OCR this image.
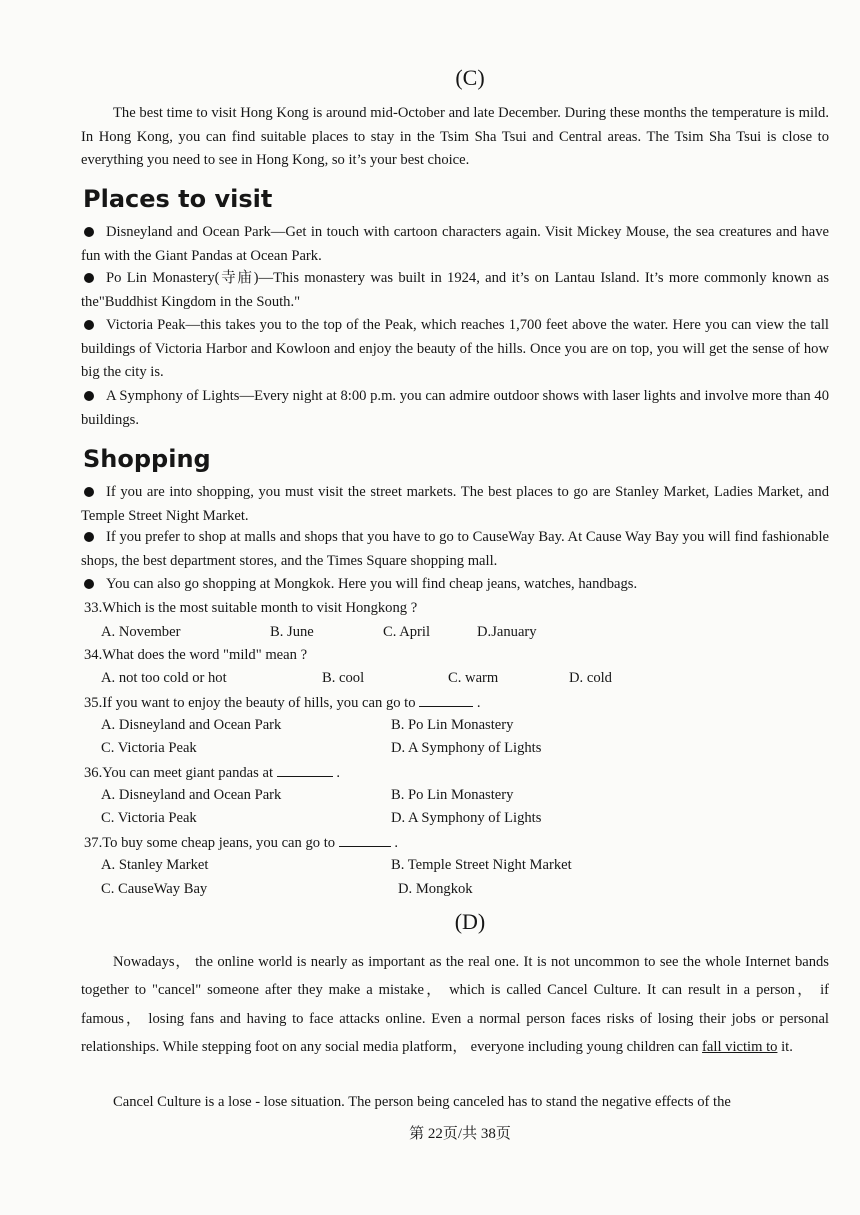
(C)
The best time to visit Hong Kong is around mid-October and late December. During these months the temperature is mild. In Hong Kong, you can find suitable places to stay in the Tsim Sha Tsui and Central areas. The Tsim Sha Tsui is close to everything you need to see in Hong Kong, so it’s your best choice.
Places to visit
Disneyland and Ocean Park—Get in touch with cartoon characters again. Visit Mickey Mouse, the sea creatures and have fun with the Giant Pandas at Ocean Park.
Po Lin Monastery(寺庙)—This monastery was built in 1924, and it’s on Lantau Island. It’s more commonly known as the"Buddhist Kingdom in the South."
Victoria Peak—this takes you to the top of the Peak, which reaches 1,700 feet above the water. Here you can view the tall buildings of Victoria Harbor and Kowloon and enjoy the beauty of the hills. Once you are on top, you will get the sense of how big the city is.
A Symphony of Lights—Every night at 8:00 p.m. you can admire outdoor shows with laser lights and involve more than 40 buildings.
Shopping
If you are into shopping, you must visit the street markets. The best places to go are Stanley Market, Ladies Market, and Temple Street Night Market.
If you prefer to shop at malls and shops that you have to go to CauseWay Bay. At Cause Way Bay you will find fashionable shops, the best department stores, and the Times Square shopping mall.
You can also go shopping at Mongkok. Here you will find cheap jeans, watches, handbags.
33.Which is the most suitable month to visit Hongkong ?
A. November	B. June	C. April	D.January
34.What does the word "mild" mean ?
A. not too cold or hot	B. cool	C. warm	D. cold
35.If you want to enjoy the beauty of hills, you can go to	.
A. Disneyland and Ocean Park	B. Po Lin Monastery
C. Victoria Peak	D. A Symphony of Lights
36.You can meet giant pandas at	.
A. Disneyland and Ocean Park	B. Po Lin Monastery
C. Victoria Peak	D. A Symphony of Lights
37.To buy some cheap jeans, you can go to	.
A. Stanley Market	B. Temple Street Night Market
C. CauseWay Bay	D. Mongkok
(D)
Nowadays， the online world is nearly as important as the real one. It is not uncommon to see the whole Internet bands together to "cancel" someone after they make a mistake， which is called Cancel Culture. It can result in a person， if famous， losing fans and having to face attacks online. Even a normal person faces risks of losing their jobs or personal relationships. While stepping foot on any social media platform， everyone including young children can fall victim to it.
Cancel Culture is a lose - lose situation. The person being canceled has to stand the negative effects of the
第 22页/共 38页
